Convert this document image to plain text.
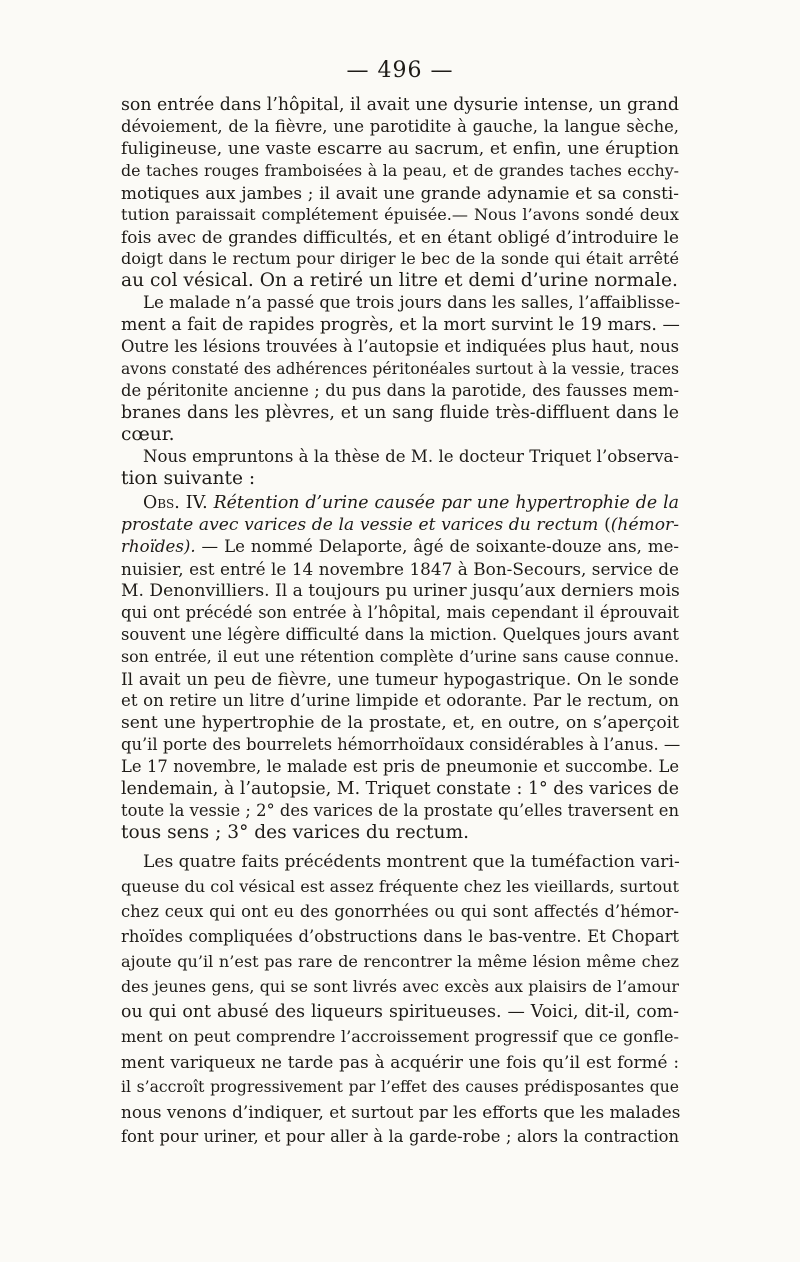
— 496 —
son entrée dans l’hôpital, il avait une dysurie intense, un grand
dévoiement, de la fièvre, une parotidite à gauche, la langue sèche,
fuligineuse, une vaste escarre au sacrum, et enfin, une éruption
de taches rouges framboisées à la peau, et de grandes taches ecchy-
motiques aux jambes ; il avait une grande adynamie et sa consti-
tution paraissait complétement épuisée.— Nous l’avons sondé deux
fois avec de grandes difficultés, et en étant obligé d’introduire le
doigt dans le rectum pour diriger le bec de la sonde qui était arrêté
au col vésical. On a retiré un litre et demi d’urine normale.
Le malade n’a passé que trois jours dans les salles, l’affaiblisse-
ment a fait de rapides progrès, et la mort survint le 19 mars. —
Outre les lésions trouvées à l’autopsie et indiquées plus haut, nous
avons constaté des adhérences péritonéales surtout à la vessie, traces
de péritonite ancienne ; du pus dans la parotide, des fausses mem-
branes dans les plèvres, et un sang fluide très-diffluent dans le
cœur.
Nous empruntons à la thèse de M. le docteur Triquet l’observa-
tion suivante :
Obs. IV. Rétention d’urine causée par une hypertrophie de la
prostate avec varices de la vessie et varices du rectum ((hémor-
rhoïdes). — Le nommé Delaporte, âgé de soixante-douze ans, me-
nuisier, est entré le 14 novembre 1847 à Bon-Secours, service de
M. Denonvilliers. Il a toujours pu uriner jusqu’aux derniers mois
qui ont précédé son entrée à l’hôpital, mais cependant il éprouvait
souvent une légère difficulté dans la miction. Quelques jours avant
son entrée, il eut une rétention complète d’urine sans cause connue.
Il avait un peu de fièvre, une tumeur hypogastrique. On le sonde
et on retire un litre d’urine limpide et odorante. Par le rectum, on
sent une hypertrophie de la prostate, et, en outre, on s’aperçoit
qu’il porte des bourrelets hémorrhoïdaux considérables à l’anus. —
Le 17 novembre, le malade est pris de pneumonie et succombe. Le
lendemain, à l’autopsie, M. Triquet constate : 1° des varices de
toute la vessie ; 2° des varices de la prostate qu’elles traversent en
tous sens ; 3° des varices du rectum.
Les quatre faits précédents montrent que la tuméfaction vari-
queuse du col vésical est assez fréquente chez les vieillards, surtout
chez ceux qui ont eu des gonorrhées ou qui sont affectés d’hémor-
rhoïdes compliquées d’obstructions dans le bas-ventre. Et Chopart
ajoute qu’il n’est pas rare de rencontrer la même lésion même chez
des jeunes gens, qui se sont livrés avec excès aux plaisirs de l’amour
ou qui ont abusé des liqueurs spiritueuses. — Voici, dit-il, com-
ment on peut comprendre l’accroissement progressif que ce gonfle-
ment variqueux ne tarde pas à acquérir une fois qu’il est formé :
il s’accroît progressivement par l’effet des causes prédisposantes que
nous venons d’indiquer, et surtout par les efforts que les malades
font pour uriner, et pour aller à la garde-robe ; alors la contraction
